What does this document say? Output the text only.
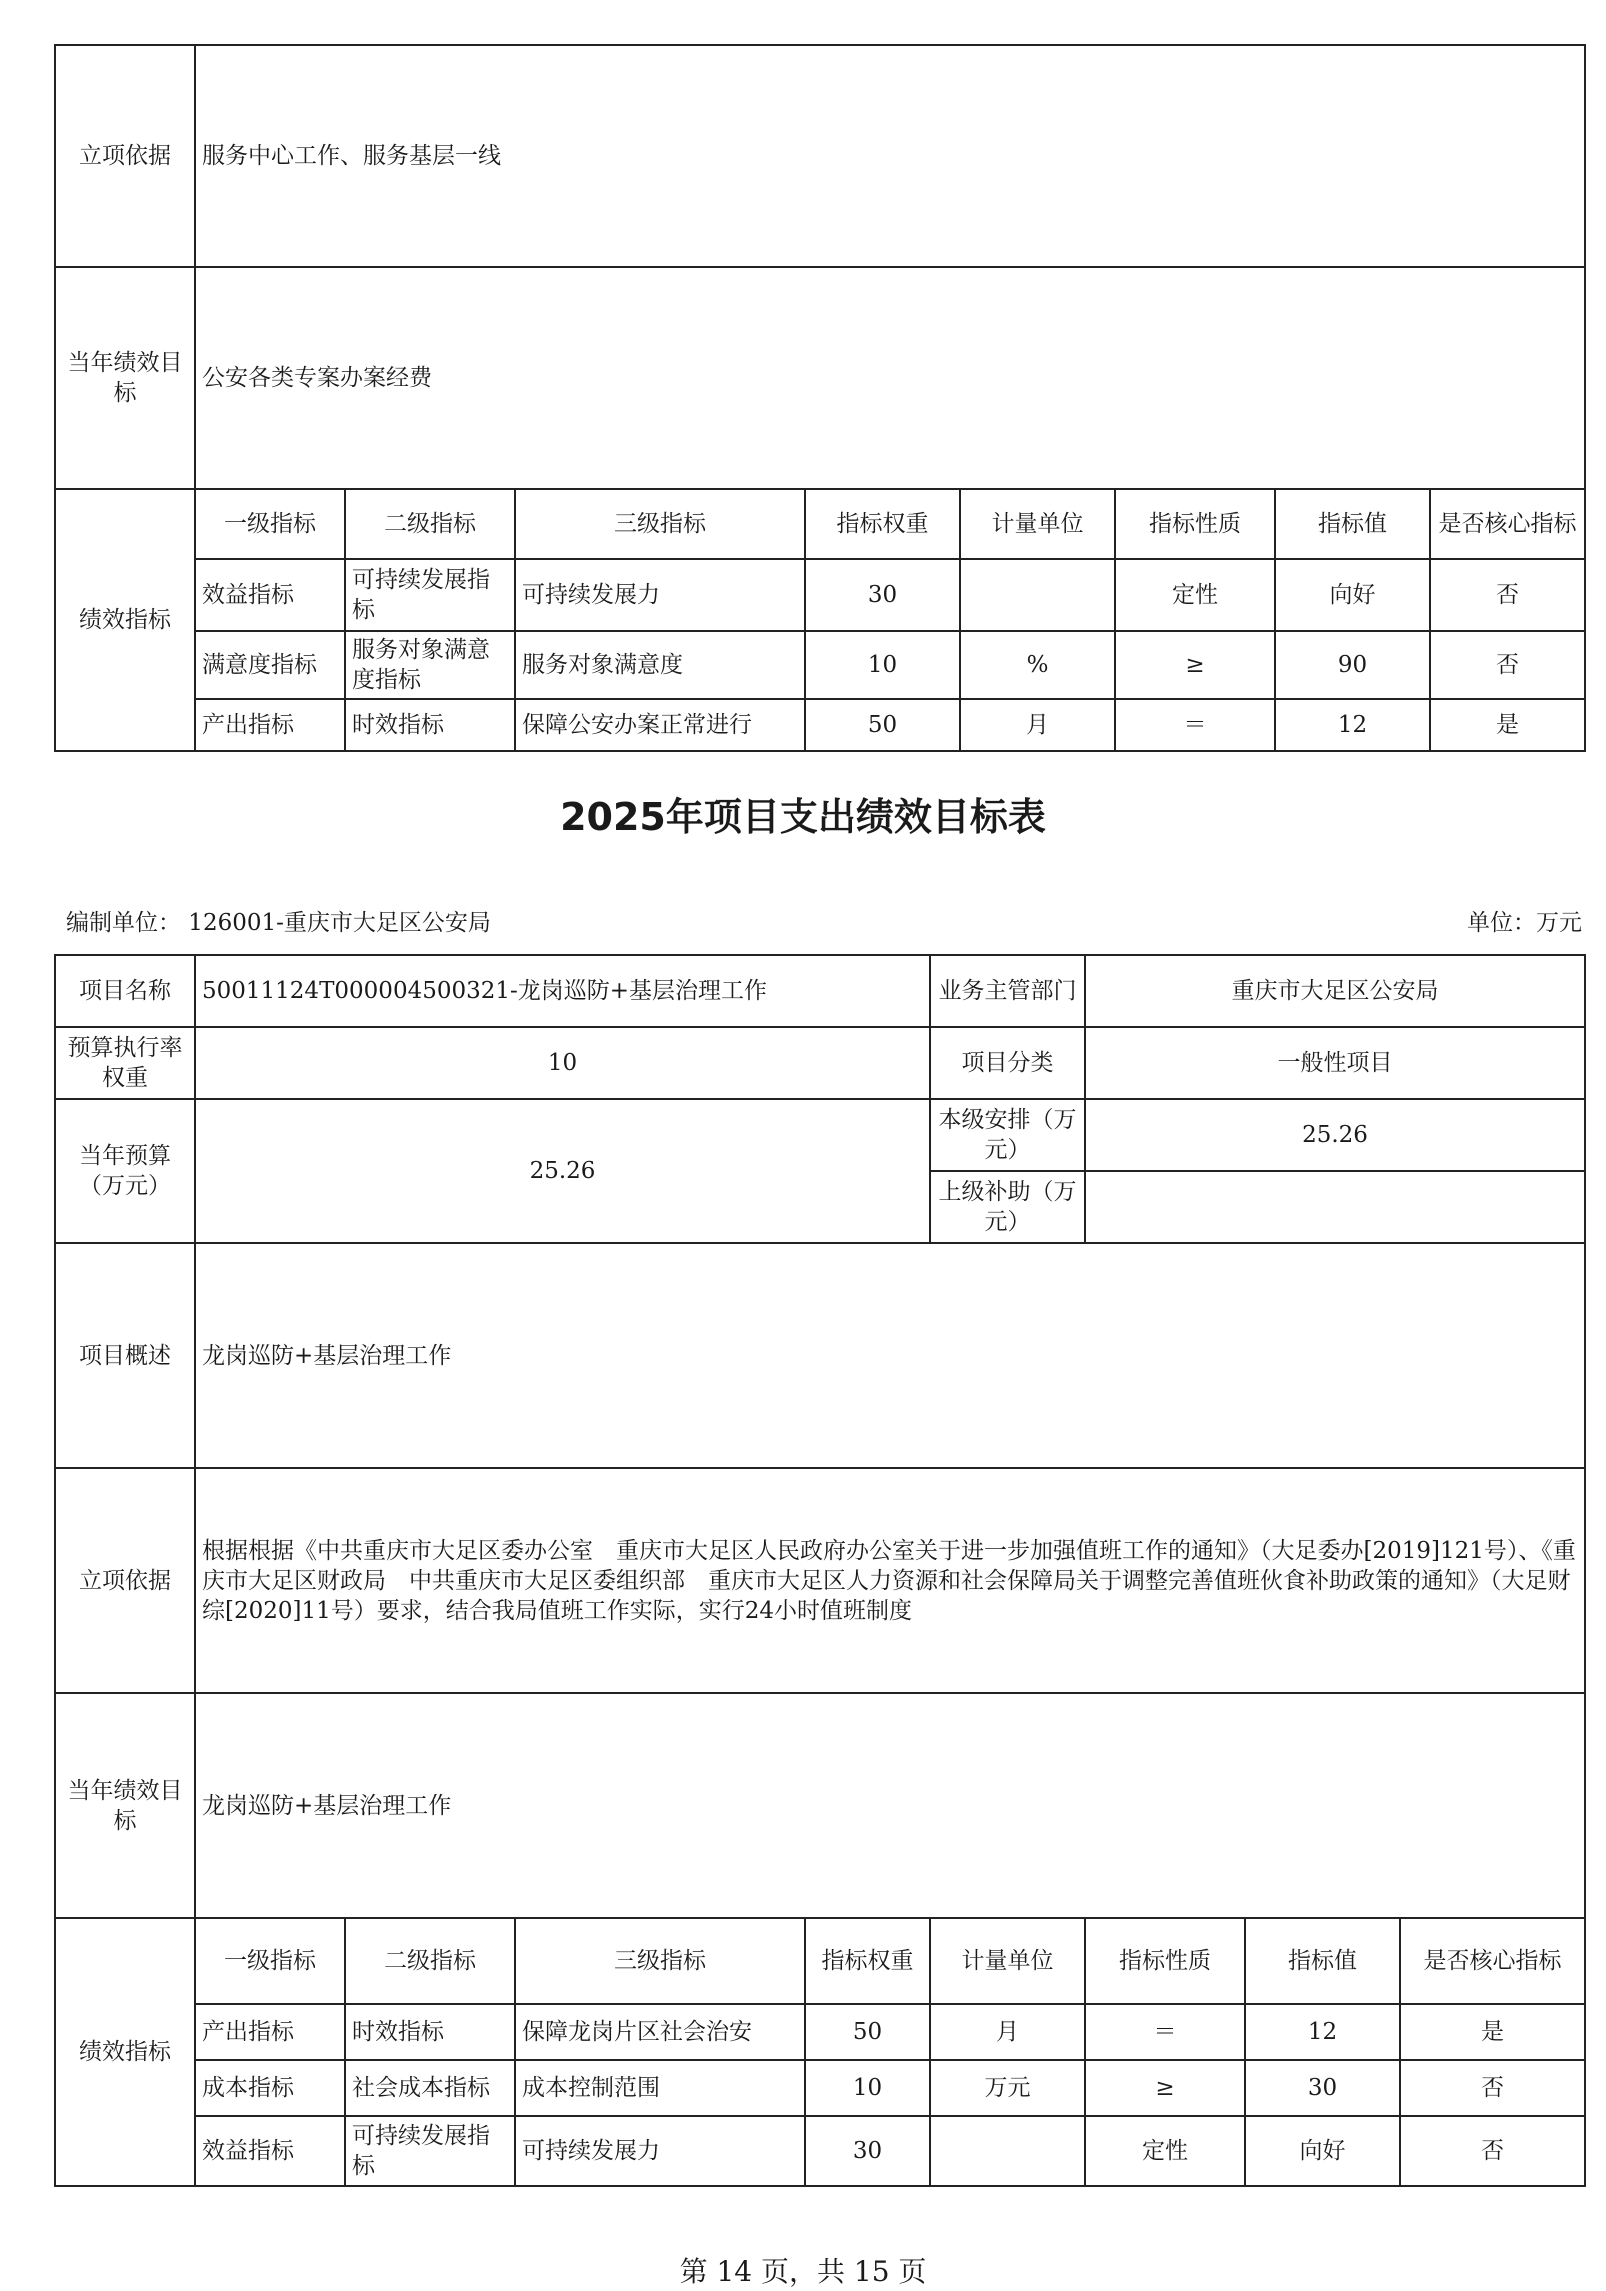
立项依据	服务中心工作、服务基层一线							
当年绩效目标	公安各类专案办案经费							
绩效指标	一级指标	二级指标	三级指标	指标权重	计量单位	指标性质	指标值	是否核心指标
	效益指标	可持续发展指标	可持续发展力	30		定性	向好	否
	满意度指标	服务对象满意度指标	服务对象满意度	10	%	≥	90	否
	产出指标	时效指标	保障公安办案正常进行	50	月	＝	12	是
2025年项目支出绩效目标表
编制单位： 126001-重庆市大足区公安局	单位：万元
项目名称	50011124T000004500321-龙岗巡防+基层治理工作				业务主管部门	重庆市大足区公安局		
预算执行率权重	10				项目分类	一般性项目		
当年预算（万元）	25.26				本级安排（万元）	25.26		
					上级补助（万元）			
项目概述	龙岗巡防+基层治理工作							
立项依据	根据根据《中共重庆市大足区委办公室　重庆市大足区人民政府办公室关于进一步加强值班工作的通知》（大足委办[2019]121号）、《重庆市大足区财政局　中共重庆市大足区委组织部　重庆市大足区人力资源和社会保障局关于调整完善值班伙食补助政策的通知》（大足财综[2020]11号）要求，结合我局值班工作实际，实行24小时值班制度							
当年绩效目标	龙岗巡防+基层治理工作							
绩效指标	一级指标	二级指标	三级指标	指标权重	计量单位	指标性质	指标值	是否核心指标
	产出指标	时效指标	保障龙岗片区社会治安	50	月	＝	12	是
	成本指标	社会成本指标	成本控制范围	10	万元	≥	30	否
	效益指标	可持续发展指标	可持续发展力	30		定性	向好	否
第 14 页，共 15 页
